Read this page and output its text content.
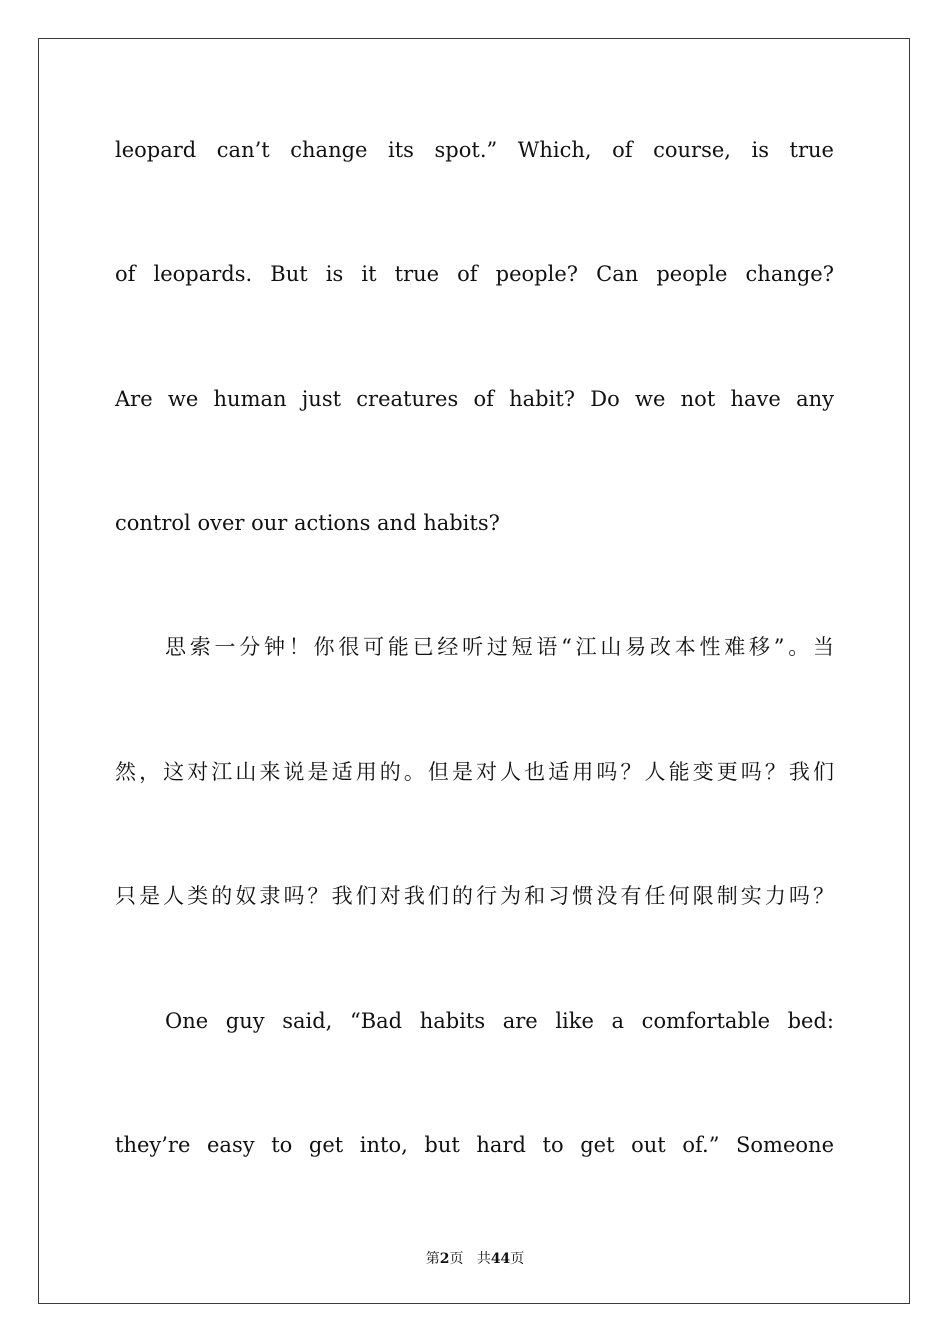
leopard can’t change its spot.” Which, of course, is true
of leopards. But is it true of people? Can people change?
Are we human just creatures of habit? Do we not have any
control over our actions and habits?
思索一分钟！你很可能已经听过短语“江山易改本性难移”。当
然，这对江山来说是适用的。但是对人也适用吗？人能变更吗？我们
只是人类的奴隶吗？我们对我们的行为和习惯没有任何限制实力吗？
One guy said, “Bad habits are like a comfortable bed:
they’re easy to get into, but hard to get out of.” Someone
第2页 共44页
